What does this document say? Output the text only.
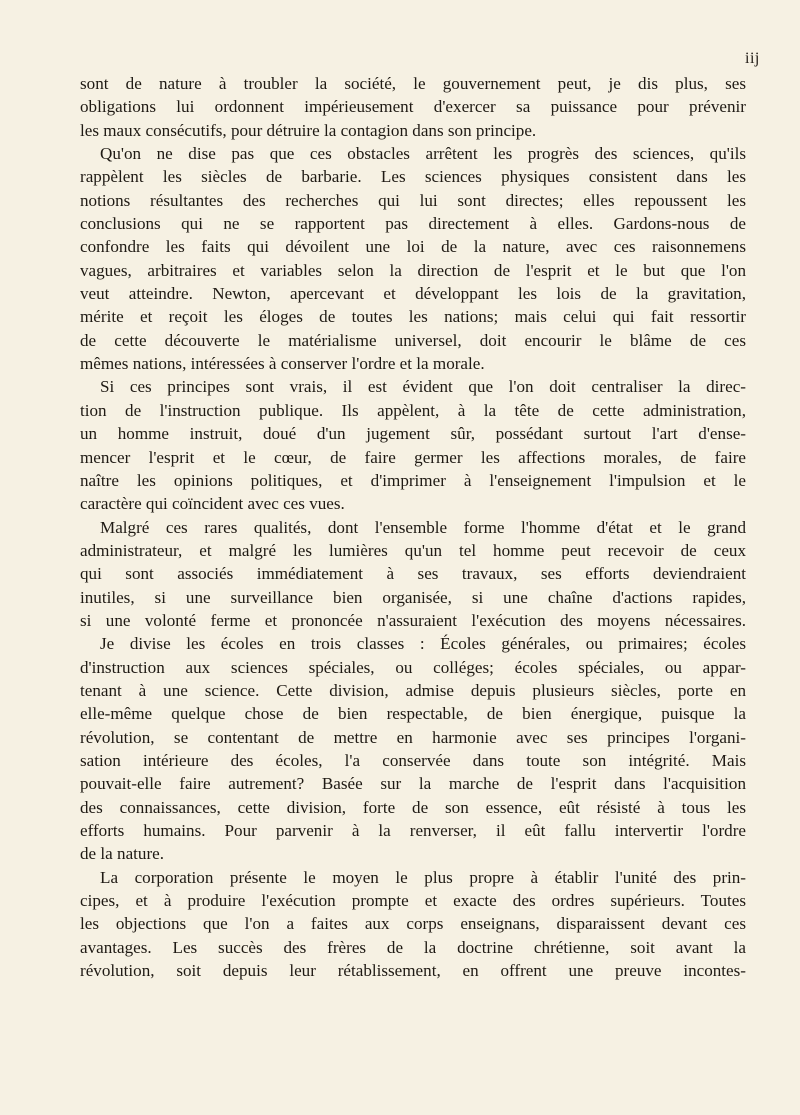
iij
sont de nature à troubler la société, le gouvernement peut, je dis plus, ses
obligations lui ordonnent impérieusement d'exercer sa puissance pour prévenir
les maux consécutifs, pour détruire la contagion dans son principe.
Qu'on ne dise pas que ces obstacles arrêtent les progrès des sciences, qu'ils
rappèlent les siècles de barbarie. Les sciences physiques consistent dans les
notions résultantes des recherches qui lui sont directes; elles repoussent les
conclusions qui ne se rapportent pas directement à elles. Gardons-nous de
confondre les faits qui dévoilent une loi de la nature, avec ces raisonnemens
vagues, arbitraires et variables selon la direction de l'esprit et le but que l'on
veut atteindre. Newton, apercevant et développant les lois de la gravitation,
mérite et reçoit les éloges de toutes les nations; mais celui qui fait ressortir
de cette découverte le matérialisme universel, doit encourir le blâme de ces
mêmes nations, intéressées à conserver l'ordre et la morale.
Si ces principes sont vrais, il est évident que l'on doit centraliser la direc-
tion de l'instruction publique. Ils appèlent, à la tête de cette administration,
un homme instruit, doué d'un jugement sûr, possédant surtout l'art d'ense-
mencer l'esprit et le cœur, de faire germer les affections morales, de faire
naître les opinions politiques, et d'imprimer à l'enseignement l'impulsion et le
caractère qui coïncident avec ces vues.
Malgré ces rares qualités, dont l'ensemble forme l'homme d'état et le grand
administrateur, et malgré les lumières qu'un tel homme peut recevoir de ceux
qui sont associés immédiatement à ses travaux, ses efforts deviendraient
inutiles, si une surveillance bien organisée, si une chaîne d'actions rapides,
si une volonté ferme et prononcée n'assuraient l'exécution des moyens nécessaires.
Je divise les écoles en trois classes : Écoles générales, ou primaires; écoles
d'instruction aux sciences spéciales, ou colléges; écoles spéciales, ou appar-
tenant à une science. Cette division, admise depuis plusieurs siècles, porte en
elle-même quelque chose de bien respectable, de bien énergique, puisque la
révolution, se contentant de mettre en harmonie avec ses principes l'organi-
sation intérieure des écoles, l'a conservée dans toute son intégrité. Mais
pouvait-elle faire autrement? Basée sur la marche de l'esprit dans l'acquisition
des connaissances, cette division, forte de son essence, eût résisté à tous les
efforts humains. Pour parvenir à la renverser, il eût fallu intervertir l'ordre
de la nature.
La corporation présente le moyen le plus propre à établir l'unité des prin-
cipes, et à produire l'exécution prompte et exacte des ordres supérieurs. Toutes
les objections que l'on a faites aux corps enseignans, disparaissent devant ces
avantages. Les succès des frères de la doctrine chrétienne, soit avant la
révolution, soit depuis leur rétablissement, en offrent une preuve incontes-
